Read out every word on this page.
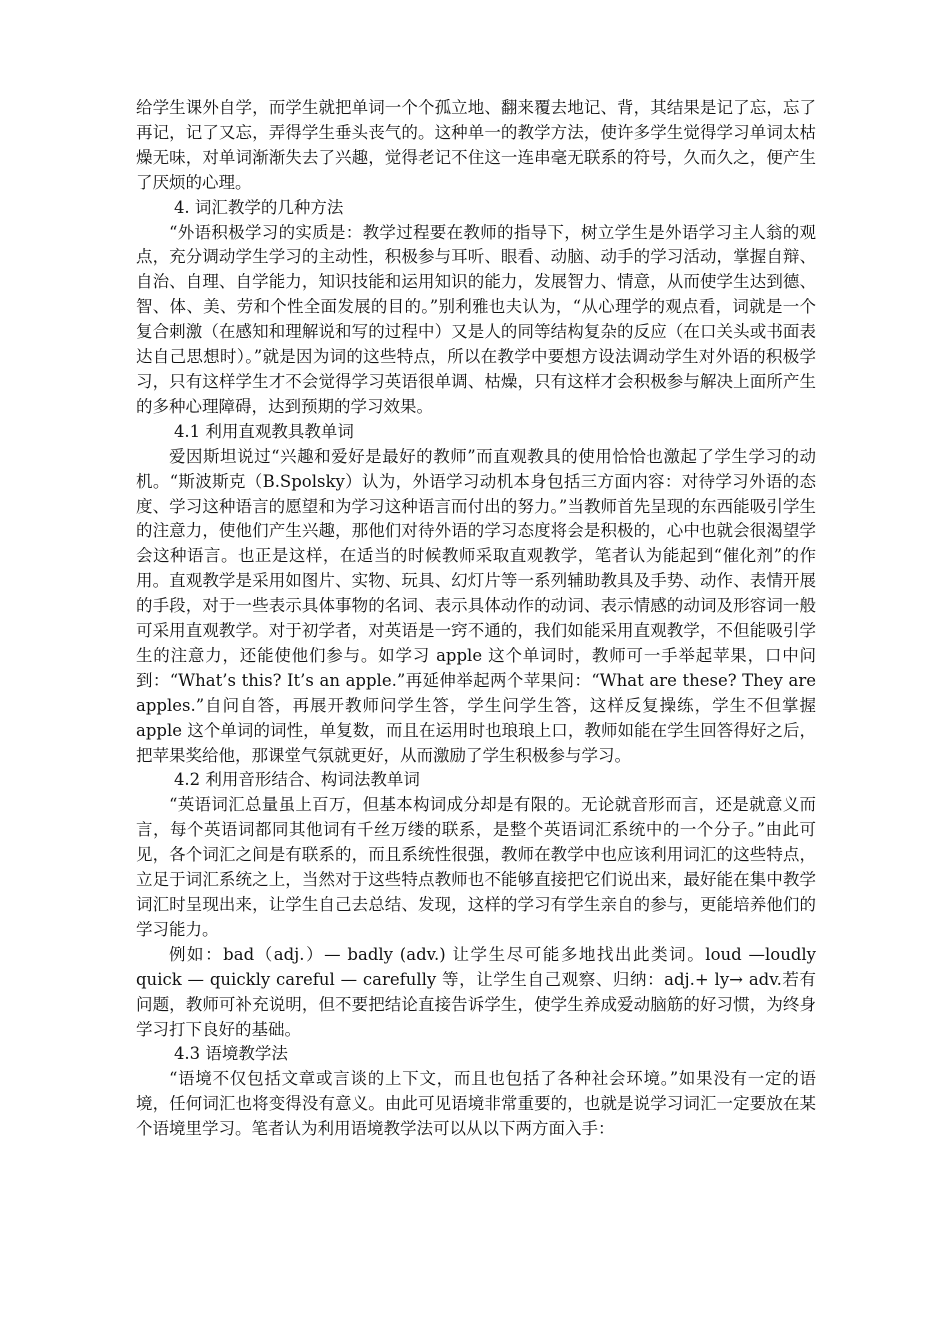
给学生课外自学，而学生就把单词一个个孤立地、翻来覆去地记、背，其结果是记了忘，忘了再记，记了又忘，弄得学生垂头丧气的。这种单一的教学方法，使许多学生觉得学习单词太枯燥无味，对单词渐渐失去了兴趣，觉得老记不住这一连串毫无联系的符号，久而久之，便产生了厌烦的心理。

4. 词汇教学的几种方法

“外语积极学习的实质是：教学过程要在教师的指导下，树立学生是外语学习主人翁的观点，充分调动学生学习的主动性，积极参与耳听、眼看、动脑、动手的学习活动，掌握自辩、自治、自理、自学能力，知识技能和运用知识的能力，发展智力、情意，从而使学生达到德、智、体、美、劳和个性全面发展的目的。”别利雅也夫认为，“从心理学的观点看，词就是一个复合刺激（在感知和理解说和写的过程中）又是人的同等结构复杂的反应（在口关头或书面表达自己思想时）。”就是因为词的这些特点，所以在教学中要想方设法调动学生对外语的积极学习，只有这样学生才不会觉得学习英语很单调、枯燥，只有这样才会积极参与解决上面所产生的多种心理障碍，达到预期的学习效果。

4.1 利用直观教具教单词

爱因斯坦说过“兴趣和爱好是最好的教师”而直观教具的使用恰恰也激起了学生学习的动机。“斯波斯克（B.Spolsky）认为，外语学习动机本身包括三方面内容：对待学习外语的态度、学习这种语言的愿望和为学习这种语言而付出的努力。”当教师首先呈现的东西能吸引学生的注意力，使他们产生兴趣，那他们对待外语的学习态度将会是积极的，心中也就会很渴望学会这种语言。也正是这样，在适当的时候教师采取直观教学，笔者认为能起到“催化剂”的作用。直观教学是采用如图片、实物、玩具、幻灯片等一系列辅助教具及手势、动作、表情开展的手段，对于一些表示具体事物的名词、表示具体动作的动词、表示情感的动词及形容词一般可采用直观教学。对于初学者，对英语是一窍不通的，我们如能采用直观教学，不但能吸引学生的注意力，还能使他们参与。如学习 apple 这个单词时，教师可一手举起苹果，口中问到：“What’s this? It’s an apple.”再延伸举起两个苹果问：“What are these? They are apples.”自问自答，再展开教师问学生答，学生问学生答，这样反复操练，学生不但掌握 apple 这个单词的词性，单复数，而且在运用时也琅琅上口，教师如能在学生回答得好之后，把苹果奖给他，那课堂气氛就更好，从而激励了学生积极参与学习。

4.2 利用音形结合、构词法教单词

“英语词汇总量虽上百万，但基本构词成分却是有限的。无论就音形而言，还是就意义而言，每个英语词都同其他词有千丝万缕的联系，是整个英语词汇系统中的一个分子。”由此可见，各个词汇之间是有联系的，而且系统性很强，教师在教学中也应该利用词汇的这些特点，立足于词汇系统之上，当然对于这些特点教师也不能够直接把它们说出来，最好能在集中教学词汇时呈现出来，让学生自己去总结、发现，这样的学习有学生亲自的参与，更能培养他们的学习能力。

例如：bad（adj.）— badly (adv.) 让学生尽可能多地找出此类词。loud —loudly quick — quickly careful — carefully 等，让学生自己观察、归纳：adj.+ ly→ adv.若有问题，教师可补充说明，但不要把结论直接告诉学生，使学生养成爱动脑筋的好习惯，为终身学习打下良好的基础。

4.3 语境教学法

“语境不仅包括文章或言谈的上下文，而且也包括了各种社会环境。”如果没有一定的语境，任何词汇也将变得没有意义。由此可见语境非常重要的，也就是说学习词汇一定要放在某个语境里学习。笔者认为利用语境教学法可以从以下两方面入手：
